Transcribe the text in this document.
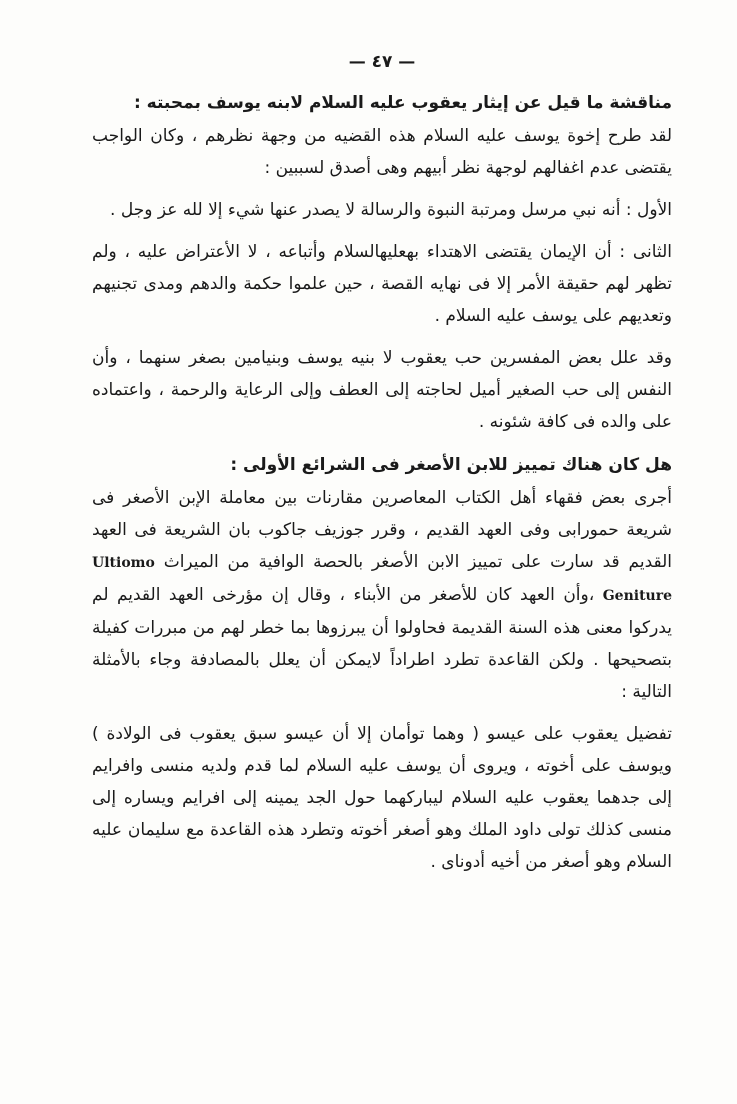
— ٤٧ —
مناقشة ما قيل عن إيثار يعقوب عليه السلام لابنه يوسف بمحبته :

لقد طرح إخوة يوسف عليه السلام هذه القضيه من وجهة نظرهم ، وكان الواجب يقتضى عدم اغفالهم لوجهة نظر أبيهم وهى أصدق لسببين :

الأول : أنه نبي مرسل ومرتبة النبوة والرسالة لا يصدر عنها شيء إلا لله عز وجل .

الثانى : أن الإيمان يقتضى الاهتداء بهعليهالسلام وأتباعه ، لا الأعتراض عليه ، ولم تظهر لهم حقيقة الأمر إلا فى نهايه القصة ، حين علموا حكمة والدهم ومدى تجنيهم وتعديهم على يوسف عليه السلام .

وقد علل بعض المفسرين حب يعقوب لا بنيه يوسف وبنيامين بصغر سنهما ، وأن النفس إلى حب الصغير أميل لحاجته إلى العطف وإلى الرعاية والرحمة ، واعتماده على والده فى كافة شئونه .

هل كان هناك تمييز للابن الأصغر فى الشرائع الأولى :

أجرى بعض فقهاء أهل الكتاب المعاصرين مقارنات بين معاملة الإبن الأصغر فى شريعة حمورابى وفى العهد القديم ، وقرر جوزيف جاكوب بان الشريعة فى العهد القديم قد سارت على تمييز الابن الأصغر بالحصة الوافية من الميراث Ultiomo Geniture ،وأن العهد كان للأصغر من الأبناء ، وقال إن مؤرخى العهد القديم لم يدركوا معنى هذه السنة القديمة فحاولوا أن يبرزوها بما خطر لهم من مبررات كفيلة بتصحيحها . ولكن القاعدة تطرد اطراداً لايمكن أن يعلل بالمصادفة وجاء بالأمثلة التالية :

تفضيل يعقوب على عيسو ( وهما توأمان إلا أن عيسو سبق يعقوب فى الولادة ) ويوسف على أخوته ، ويروى أن يوسف عليه السلام لما قدم ولديه منسى وافرايم إلى جدهما يعقوب عليه السلام ليباركهما حول الجد يمينه إلى افرايم ويساره إلى منسى كذلك تولى داود الملك وهو أصغر أخوته وتطرد هذه القاعدة مع سليمان عليه السلام وهو أصغر من أخيه أدونای .
